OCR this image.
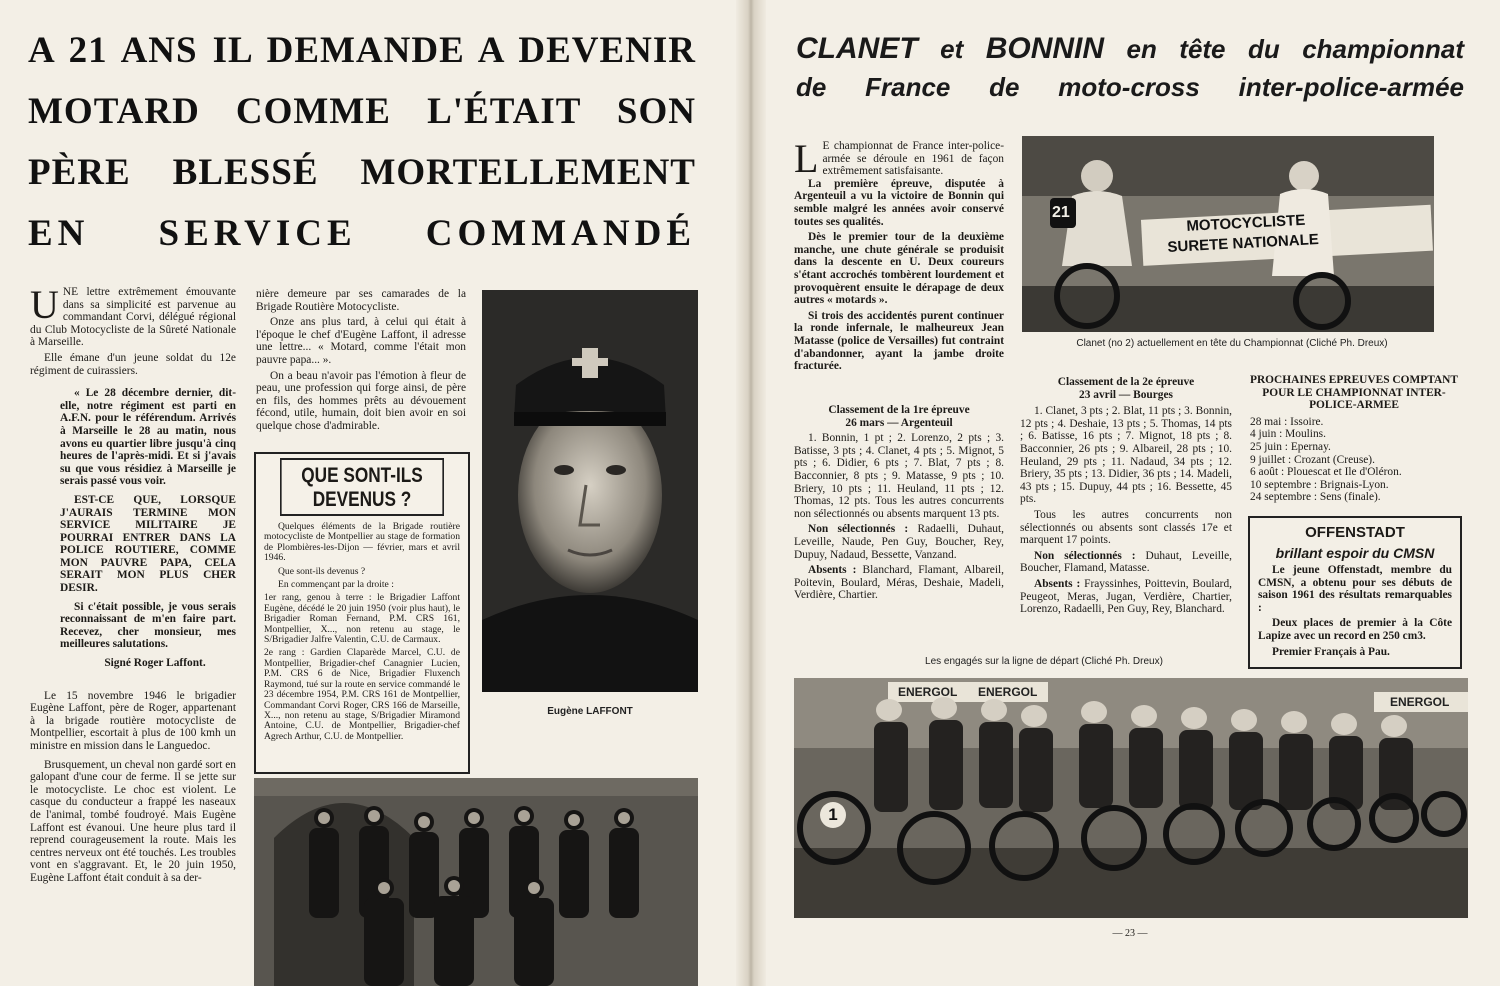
A 21 ANS IL DEMANDE A DEVENIR
MOTARD COMME L'ÉTAIT SON
PÈRE BLESSÉ MORTELLEMENT
EN SERVICE COMMANDÉ
U NE lettre extrêmement émouvante dans sa simplicité est parvenue au commandant Corvi, délégué régional du Club Motocycliste de la Sûreté Nationale à Marseille.

Elle émane d'un jeune soldat du 12e régiment de cuirassiers.

« Le 28 décembre dernier, dit-elle, notre régiment est parti en A.F.N. pour le référendum. Arrivés à Marseille le 28 au matin, nous avons eu quartier libre jusqu'à cinq heures de l'après-midi. Et si j'avais su que vous résidiez à Marseille je serais passé vous voir.

EST-CE QUE, LORSQUE J'AURAIS TERMINE MON SERVICE MILITAIRE JE POURRAI ENTRER DANS LA POLICE ROUTIERE, COMME MON PAUVRE PAPA, CELA SERAIT MON PLUS CHER DESIR.

Si c'était possible, je vous serais reconnaissant de m'en faire part. Recevez, cher monsieur, mes meilleures salutations.

Signé Roger Laffont.

Le 15 novembre 1946 le brigadier Eugène Laffont, père de Roger, appartenant à la brigade routière motocycliste de Montpellier, escortait à plus de 100 kmh un ministre en mission dans le Languedoc.

Brusquement, un cheval non gardé sort en galopant d'une cour de ferme. Il se jette sur le motocycliste. Le choc est violent. Le casque du conducteur a frappé les naseaux de l'animal, tombé foudroyé. Mais Eugène Laffont est évanoui. Une heure plus tard il reprend courageusement la route. Mais les centres nerveux ont été touchés. Les troubles vont en s'aggravant. Et, le 20 juin 1950, Eugène Laffont était conduit à sa der-

nière demeure par ses camarades de la Brigade Routière Motocycliste.

Onze ans plus tard, à celui qui était à l'époque le chef d'Eugène Laffont, il adresse une lettre... « Motard, comme l'était mon pauvre papa... ».

On a beau n'avoir pas l'émotion à fleur de peau, une profession qui forge ainsi, de père en fils, des hommes prêts au dévouement fécond, utile, humain, doit bien avoir en soi quelque chose d'admirable.

QUE SONT-ILS DEVENUS ?

Quelques éléments de la Brigade routière motocycliste de Montpellier au stage de formation de Plombières-les-Dijon — février, mars et avril 1946.

Que sont-ils devenus ?

En commençant par la droite :

1er rang, genou à terre : le Brigadier Laffont Eugène, décédé le 20 juin 1950 (voir plus haut), le Brigadier Roman Fernand, P.M. CRS 161, Montpellier, X..., non retenu au stage, le S/Brigadier Jalfre Valentin, C.U. de Carmaux.

2e rang : Gardien Claparède Marcel, C.U. de Montpellier, Brigadier-chef Canagnier Lucien, P.M. CRS 6 de Nice, Brigadier Fluxench Raymond, tué sur la route en service commandé le 23 décembre 1954, P.M. CRS 161 de Montpellier, Commandant Corvi Roger, CRS 166 de Marseille, X..., non retenu au stage, S/Brigadier Miramond Antoine, C.U. de Montpellier, Brigadier-chef Agrech Arthur, C.U. de Montpellier.

Eugène LAFFONT
CLANET et BONNIN en tête du championnat
de France de moto-cross inter-police-armée
L E championnat de France inter-police-armée se déroule en 1961 de façon extrêmement satisfaisante.

La première épreuve, disputée à Argenteuil a vu la victoire de Bonnin qui semble malgré les années avoir conservé toutes ses qualités.

Dès le premier tour de la deuxième manche, une chute générale se produisit dans la descente en U. Deux coureurs s'étant accrochés tombèrent lourdement et provoquèrent ensuite le dérapage de deux autres « motards ».

Si trois des accidentés purent continuer la ronde infernale, le malheureux Jean Matasse (police de Versailles) fut contraint d'abandonner, ayant la jambe droite fracturée.

21	MOTOCYCLISTE
SURETE NATIONALE
Clanet (no 2) actuellement en tête du Championnat (Cliché Ph. Dreux)
Classement de la 1re épreuve
26 mars — Argenteuil

1. Bonnin, 1 pt ; 2. Lorenzo, 2 pts ; 3. Batisse, 3 pts ; 4. Clanet, 4 pts ; 5. Mignot, 5 pts ; 6. Didier, 6 pts ; 7. Blat, 7 pts ; 8. Bacconnier, 8 pts ; 9. Matasse, 9 pts ; 10. Briery, 10 pts ; 11. Heuland, 11 pts ; 12. Thomas, 12 pts. Tous les autres concurrents non sélectionnés ou absents marquent 13 pts.

Non sélectionnés : Radaelli, Duhaut, Leveille, Naude, Pen Guy, Boucher, Rey, Dupuy, Nadaud, Bessette, Vanzand.

Absents : Blanchard, Flamant, Albareil, Poitevin, Boulard, Méras, Deshaie, Madeli, Verdière, Chartier.

Classement de la 2e épreuve
23 avril — Bourges

1. Clanet, 3 pts ; 2. Blat, 11 pts ; 3. Bonnin, 12 pts ; 4. Deshaie, 13 pts ; 5. Thomas, 14 pts ; 6. Batisse, 16 pts ; 7. Mignot, 18 pts ; 8. Bacconnier, 26 pts ; 9. Albareil, 28 pts ; 10. Heuland, 29 pts ; 11. Nadaud, 34 pts ; 12. Briery, 35 pts ; 13. Didier, 36 pts ; 14. Madeli, 43 pts ; 15. Dupuy, 44 pts ; 16. Bessette, 45 pts.

Tous les autres concurrents non sélectionnés ou absents sont classés 17e et marquent 17 points.

Non sélectionnés : Duhaut, Leveille, Boucher, Flamand, Matasse.

Absents : Frayssinhes, Poittevin, Boulard, Peugeot, Meras, Jugan, Verdière, Chartier, Lorenzo, Radaelli, Pen Guy, Rey, Blanchard.

PROCHAINES EPREUVES COMPTANT POUR LE CHAMPIONNAT INTER-POLICE-ARMEE
28 mai : Issoire.
4 juin : Moulins.
25 juin : Epernay.
9 juillet : Crozant (Creuse).
6 août : Plouescat et Ile d'Oléron.
10 septembre : Brignais-Lyon.
24 septembre : Sens (finale).
OFFENSTADT
brillant espoir du CMSN

Le jeune Offenstadt, membre du CMSN, a obtenu pour ses débuts de saison 1961 des résultats remarquables :

Deux places de premier à la Côte Lapize avec un record en 250 cm3.

Premier Français à Pau.

Les engagés sur la ligne de départ (Cliché Ph. Dreux)
ENERGOL ENERGOL
ENERGOL
1
— 23 —
